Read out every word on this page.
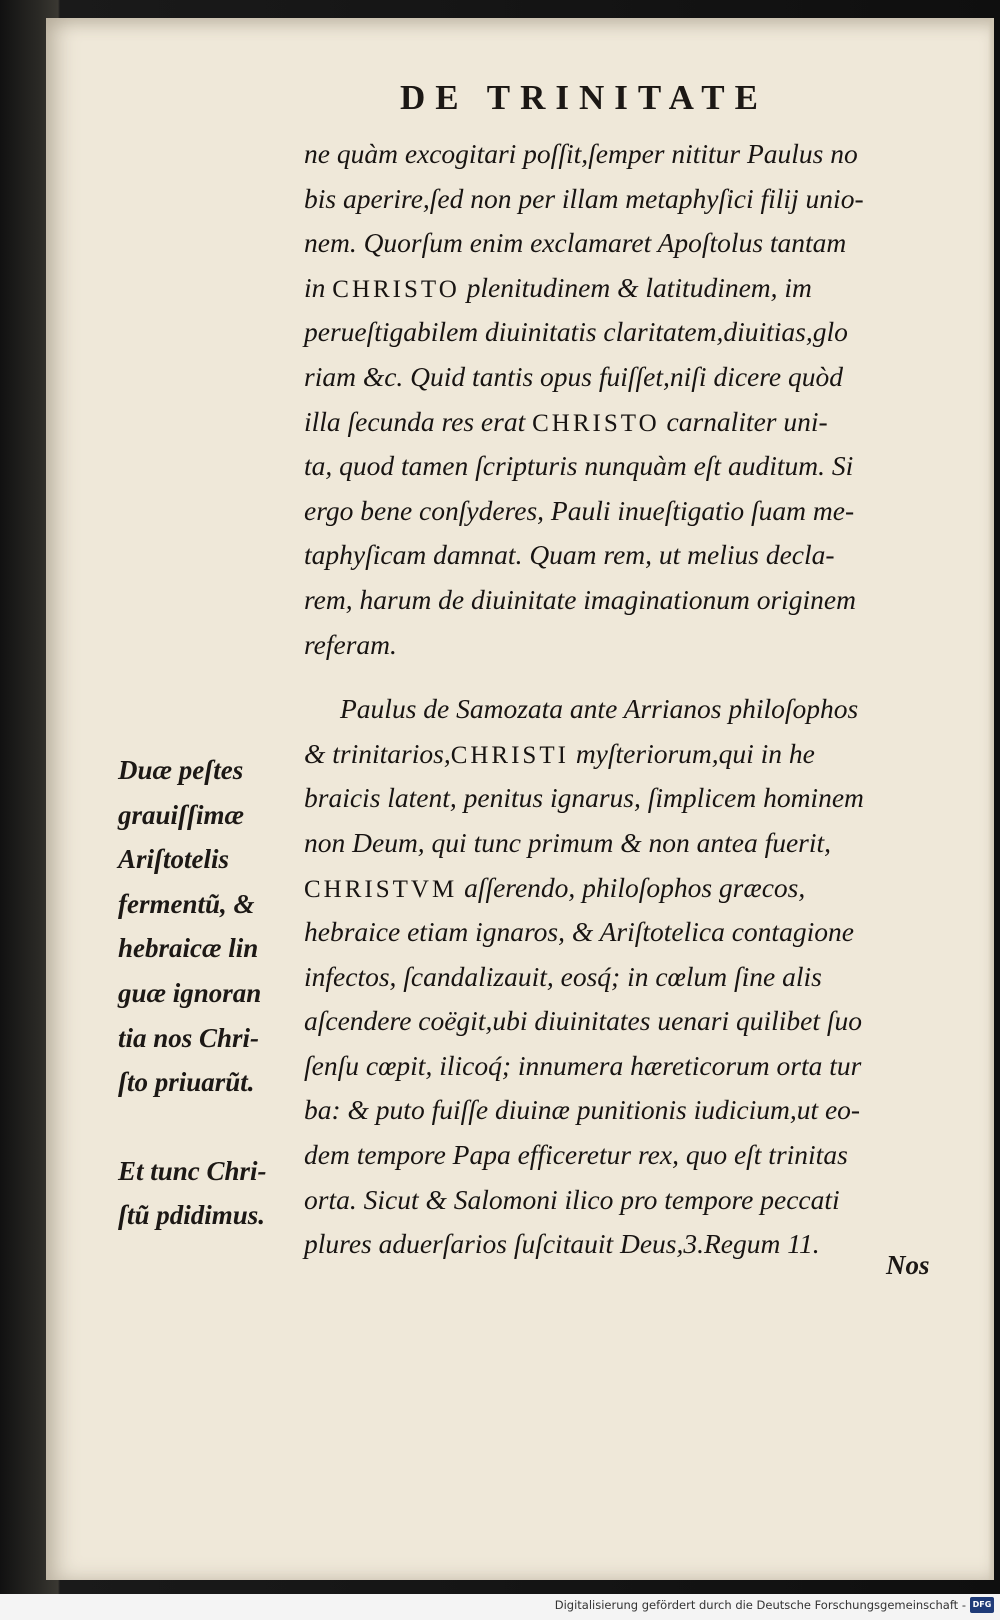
DE TRINITATE
ne quàm excogitari poſſit,ſemper nititur Paulus no
bis aperire,ſed non per illam metaphyſici filij unio-
nem. Quorſum enim exclamaret Apoſtolus tantam
in CHRISTO plenitudinem & latitudinem, im
perueſtigabilem diuinitatis claritatem,diuitias,glo
riam &c. Quid tantis opus fuiſſet,niſi dicere quòd
illa ſecunda res erat CHRISTO carnaliter uni-
ta, quod tamen ſcripturis nunquàm eſt auditum. Si
ergo bene conſyderes, Pauli inueſtigatio ſuam me-
taphyſicam damnat. Quam rem, ut melius decla-
rem, harum de diuinitate imaginationum originem
referam.
Paulus de Samozata ante Arrianos philoſophos
& trinitarios,CHRISTI myſteriorum,qui in he
braicis latent, penitus ignarus, ſimplicem hominem
non Deum, qui tunc primum & non antea fuerit,
CHRISTVM aſſerendo, philoſophos græcos,
hebraice etiam ignaros, & Ariſtotelica contagione
infectos, ſcandalizauit, eosq́; in cœlum ſine alis
aſcendere coëgit,ubi diuinitates uenari quilibet ſuo
ſenſu cœpit, ilicoq́; innumera hæreticorum orta tur
ba: & puto fuiſſe diuinæ punitionis iudicium,ut eo-
dem tempore Papa efficeretur rex, quo eſt trinitas
orta. Sicut & Salomoni ilico pro tempore peccati
plures aduerſarios ſuſcitauit Deus,3.Regum 11.
Duæ peſtes
grauiſſimæ
Ariſtotelis
fermentũ, &
hebraicæ lin
guæ ignoran
tia nos Chri-
ſto priuarũt.
Et tunc Chri-
ſtũ pdidimus.
Nos
Digitalisierung gefördert durch die Deutsche Forschungsgemeinschaft - DFG
